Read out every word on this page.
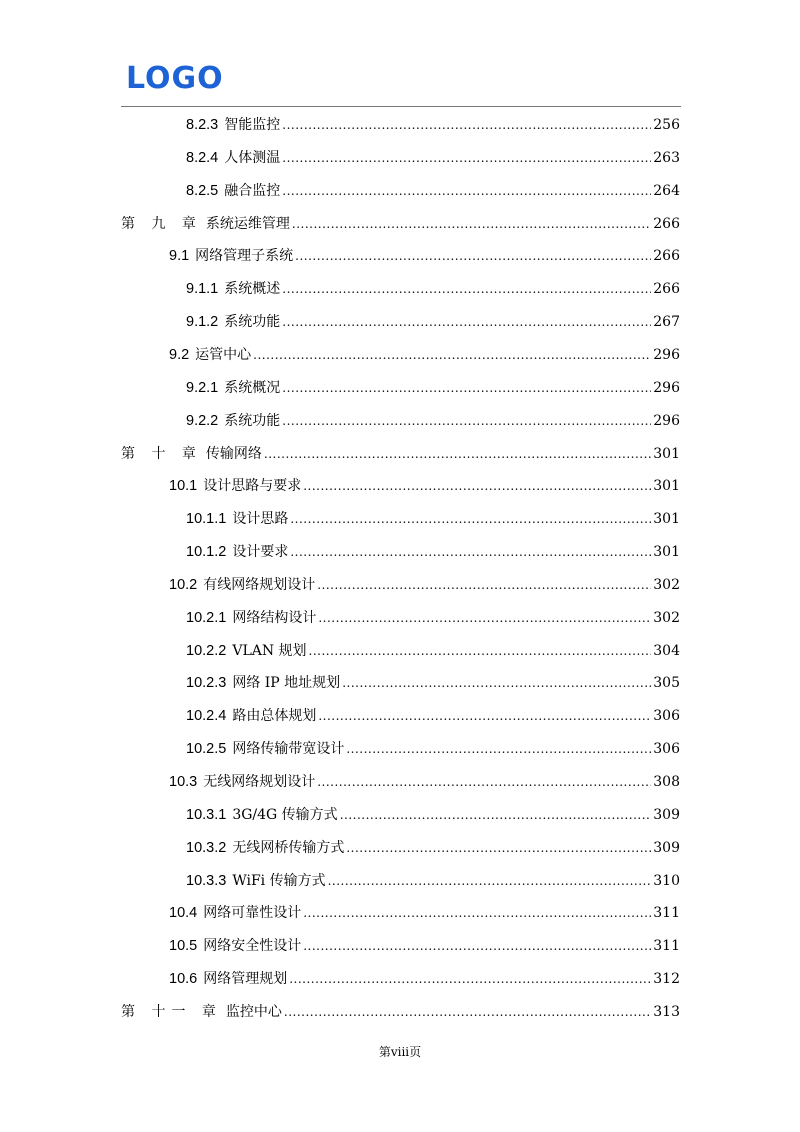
LOGO
8.2.3 智能监控 .....	256
8.2.4 人体测温 .....	263
8.2.5 融合监控 .....	264
第 九 章 系统运维管理 .....	266
9.1 网络管理子系统 .....	266
9.1.1 系统概述 .....	266
9.1.2 系统功能 .....	267
9.2 运管中心 .....	296
9.2.1 系统概况 .....	296
9.2.2 系统功能 .....	296
第 十 章 传输网络 .....	301
10.1 设计思路与要求 .....	301
10.1.1 设计思路 .....	301
10.1.2 设计要求 .....	301
10.2 有线网络规划设计 .....	302
10.2.1 网络结构设计 .....	302
10.2.2 VLAN 规划 .....	304
10.2.3 网络 IP 地址规划 .....	305
10.2.4 路由总体规划 .....	306
10.2.5 网络传输带宽设计 .....	306
10.3 无线网络规划设计 .....	308
10.3.1 3G/4G 传输方式 .....	309
10.3.2 无线网桥传输方式 .....	309
10.3.3 WiFi 传输方式 .....	310
10.4 网络可靠性设计 .....	311
10.5 网络安全性设计 .....	311
10.6 网络管理规划 .....	312
第 十一 章 监控中心 .....	313
第viii页
